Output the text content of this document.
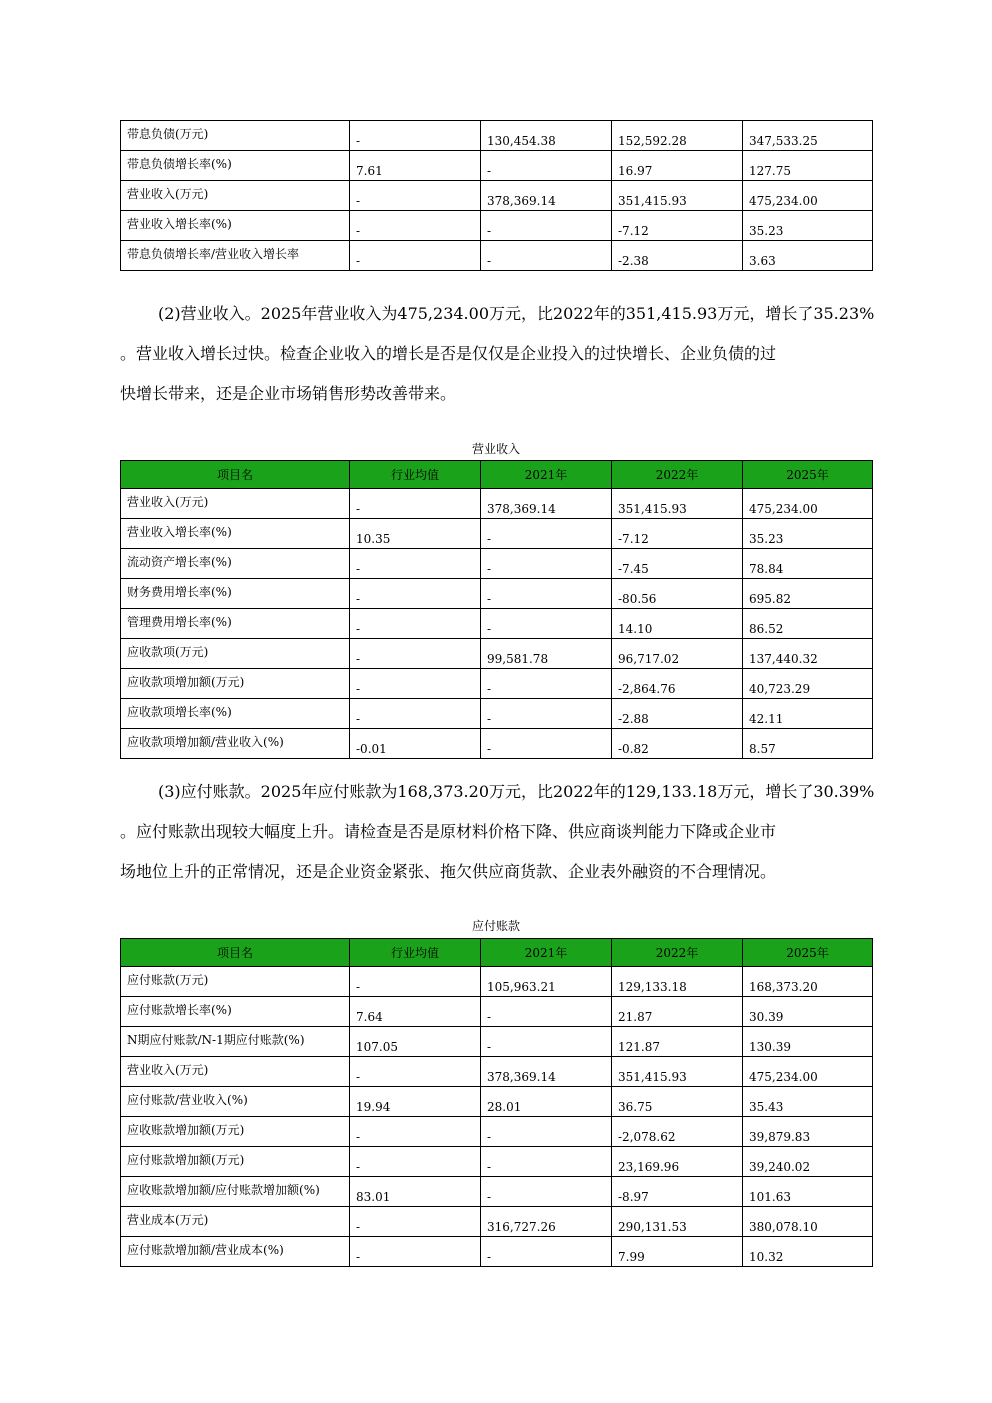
带息负债(万元)	-	130,454.38	152,592.28	347,533.25
带息负债增长率(%)	7.61	-	16.97	127.75
营业收入(万元)	-	378,369.14	351,415.93	475,234.00
营业收入增长率(%)	-	-	-7.12	35.23
带息负债增长率/营业收入增长率	-	-	-2.38	3.63

(2)营业收入。2025年营业收入为475,234.00万元，比2022年的351,415.93万元，增长了35.23%

。营业收入增长过快。检查企业收入的增长是否是仅仅是企业投入的过快增长、企业负债的过

快增长带来，还是企业市场销售形势改善带来。

营业收入
项目名	行业均值	2021年	2022年	2025年
营业收入(万元)	-	378,369.14	351,415.93	475,234.00
营业收入增长率(%)	10.35	-	-7.12	35.23
流动资产增长率(%)	-	-	-7.45	78.84
财务费用增长率(%)	-	-	-80.56	695.82
管理费用增长率(%)	-	-	14.10	86.52
应收款项(万元)	-	99,581.78	96,717.02	137,440.32
应收款项增加额(万元)	-	-	-2,864.76	40,723.29
应收款项增长率(%)	-	-	-2.88	42.11
应收款项增加额/营业收入(%)	-0.01	-	-0.82	8.57

(3)应付账款。2025年应付账款为168,373.20万元，比2022年的129,133.18万元，增长了30.39%

。应付账款出现较大幅度上升。请检查是否是原材料价格下降、供应商谈判能力下降或企业市

场地位上升的正常情况，还是企业资金紧张、拖欠供应商货款、企业表外融资的不合理情况。

应付账款
项目名	行业均值	2021年	2022年	2025年
应付账款(万元)	-	105,963.21	129,133.18	168,373.20
应付账款增长率(%)	7.64	-	21.87	30.39
N期应付账款/N-1期应付账款(%)	107.05	-	121.87	130.39
营业收入(万元)	-	378,369.14	351,415.93	475,234.00
应付账款/营业收入(%)	19.94	28.01	36.75	35.43
应收账款增加额(万元)	-	-	-2,078.62	39,879.83
应付账款增加额(万元)	-	-	23,169.96	39,240.02
应收账款增加额/应付账款增加额(%)	83.01	-	-8.97	101.63
营业成本(万元)	-	316,727.26	290,131.53	380,078.10
应付账款增加额/营业成本(%)	-	-	7.99	10.32
